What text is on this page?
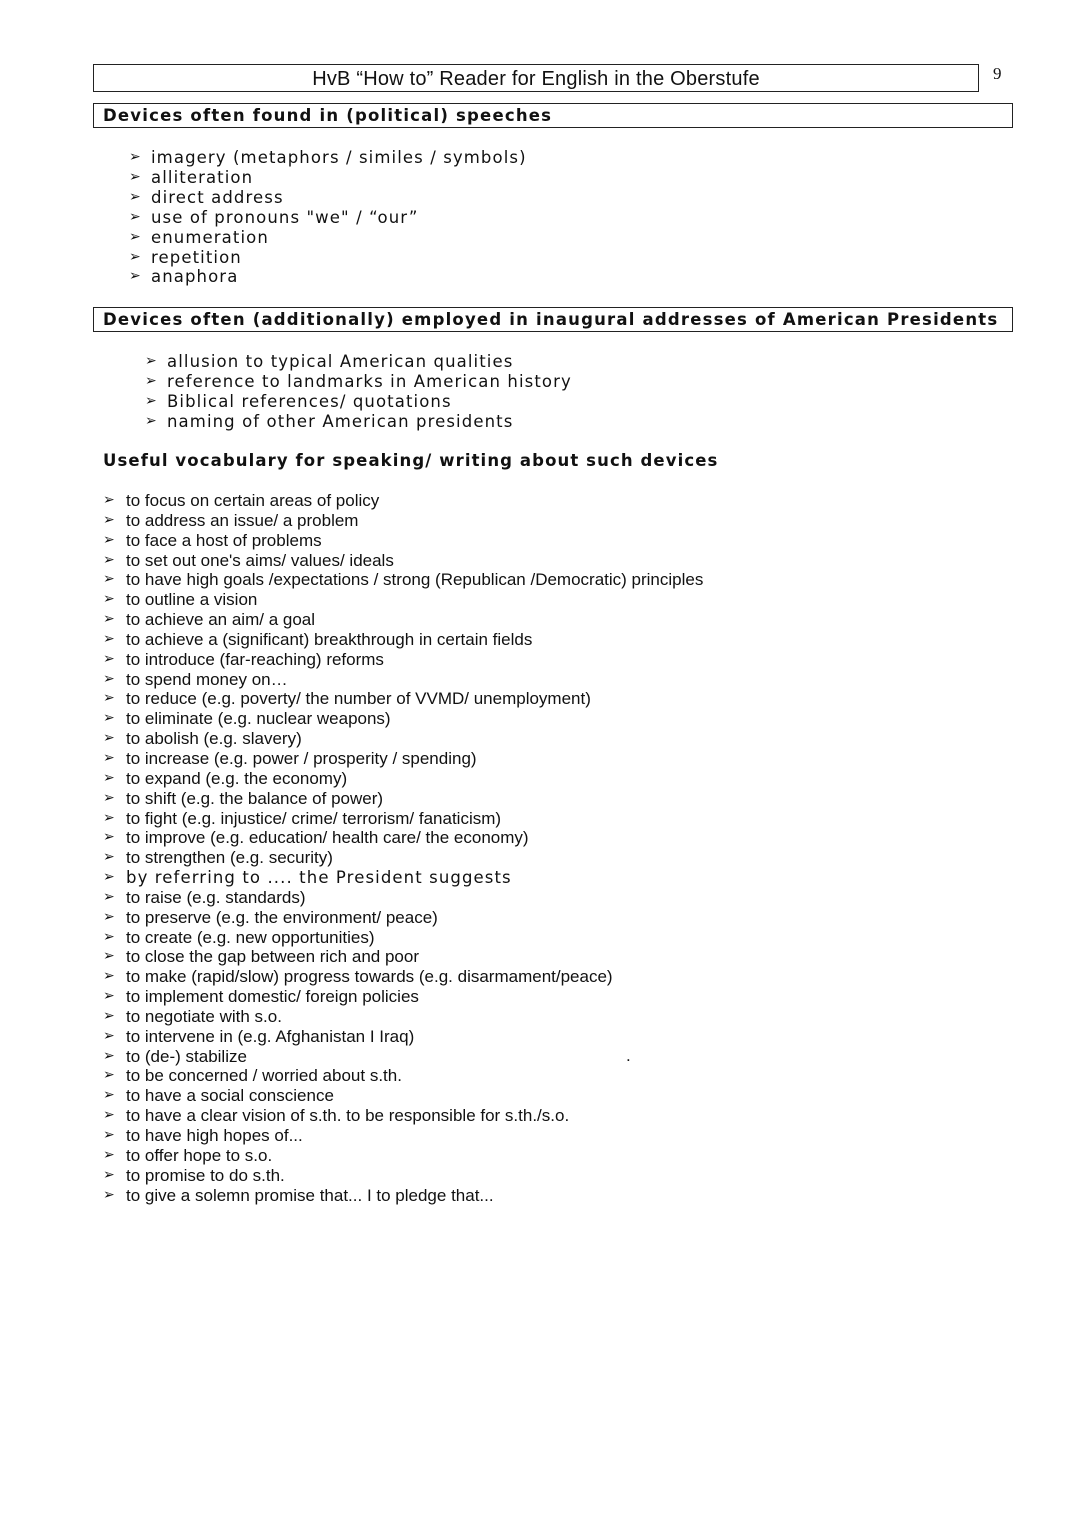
HvB “How to” Reader for English in the Oberstufe	9
Devices often found in (political) speeches
➢ imagery (metaphors / similes / symbols)
➢ alliteration
➢ direct address
➢ use of pronouns "we" / “our”
➢ enumeration
➢ repetition
➢ anaphora
Devices often (additionally) employed in inaugural addresses of American Presidents
➢ allusion to typical American qualities
➢ reference to landmarks in American history
➢ Biblical references/ quotations
➢ naming of other American presidents
Useful vocabulary for speaking/ writing about such devices
➢ to focus on certain areas of policy
➢ to address an issue/ a problem
➢ to face a host of problems
➢ to set out one's aims/ values/ ideals
➢ to have high goals /expectations / strong (Republican /Democratic) principles
➢ to outline a vision
➢ to achieve an aim/ a goal
➢ to achieve a (significant) breakthrough in certain fields
➢ to introduce (far-reaching) reforms
➢ to spend money on…
➢ to reduce (e.g. poverty/ the number of VVMD/ unemployment)
➢ to eliminate (e.g. nuclear weapons)
➢ to abolish (e.g. slavery)
➢ to increase (e.g. power / prosperity / spending)
➢ to expand (e.g. the economy)
➢ to shift (e.g. the balance of power)
➢ to fight (e.g. injustice/ crime/ terrorism/ fanaticism)
➢ to improve (e.g. education/ health care/ the economy)
➢ to strengthen (e.g. security)
➢ by referring to .... the President suggests
➢ to raise (e.g. standards)
➢ to preserve (e.g. the environment/ peace)
➢ to create (e.g. new opportunities)
➢ to close the gap between rich and poor
➢ to make (rapid/slow) progress towards (e.g. disarmament/peace)
➢ to implement domestic/ foreign policies
➢ to negotiate with s.o.
➢ to intervene in (e.g. Afghanistan I Iraq)
➢ to (de-) stabilize
➢ to be concerned / worried about s.th.
➢ to have a social conscience
➢ to have a clear vision of s.th. to be responsible for s.th./s.o.
➢ to have high hopes of...
➢ to offer hope to s.o.
➢ to promise to do s.th.
➢ to give a solemn promise that... I to pledge that...
.
